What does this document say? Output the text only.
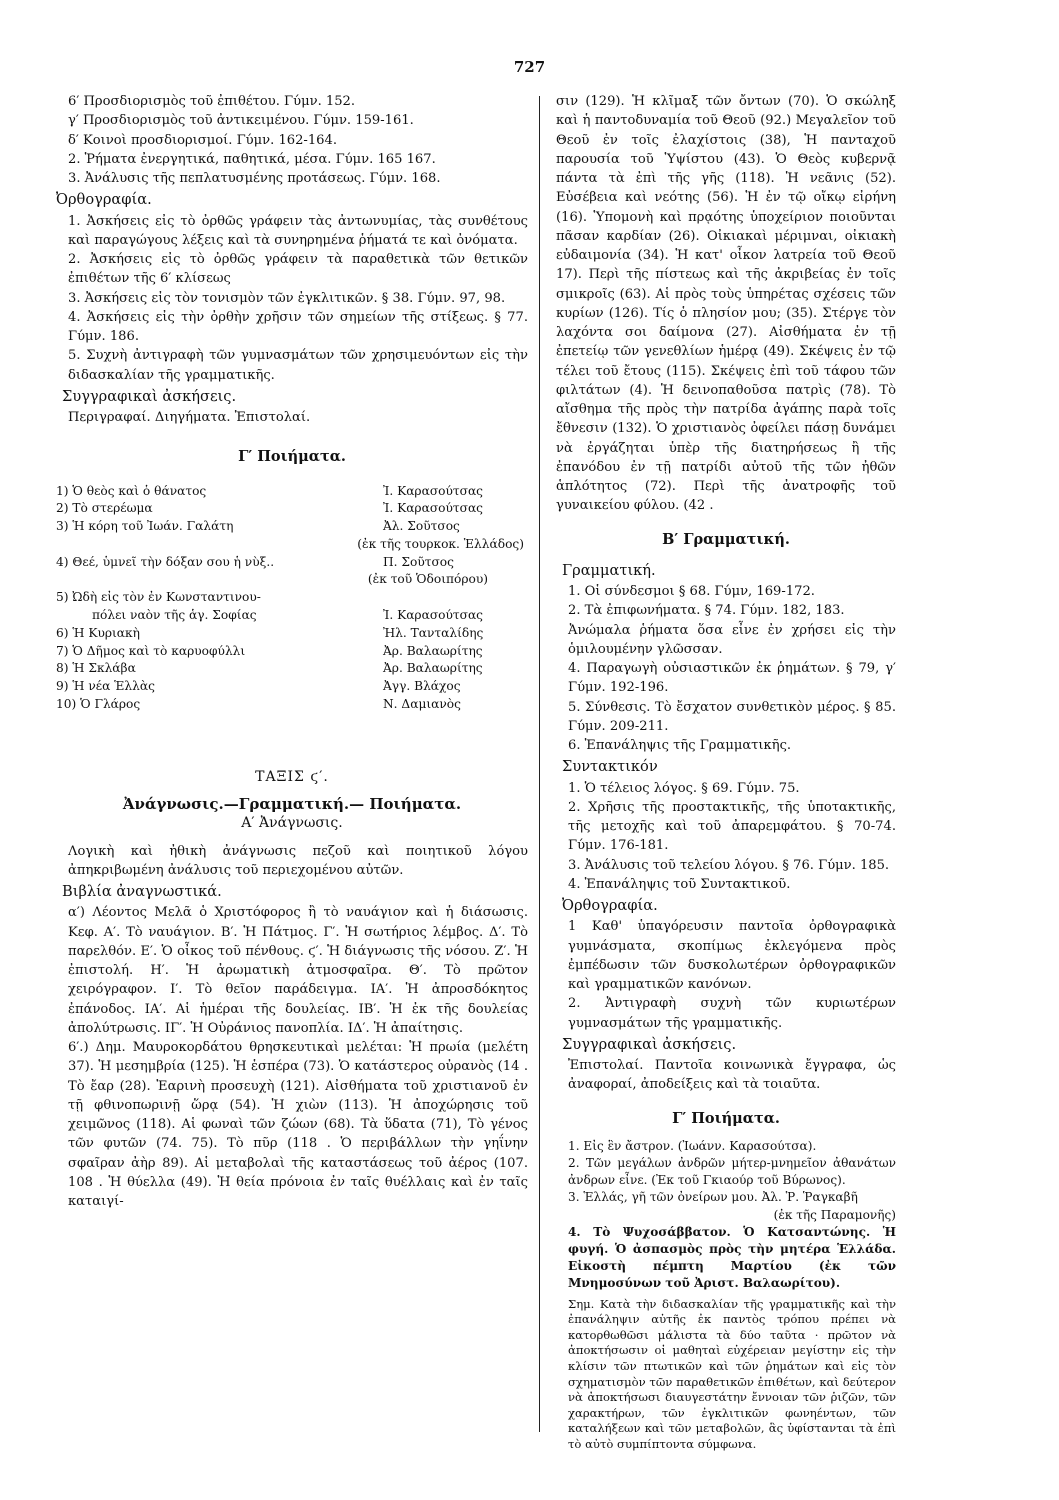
727
6′ Προσδιορισμὸς τοῦ ἐπιθέτου. Γύμν. 152.
γ′ Προσδιορισμὸς τοῦ ἀντικειμένου. Γύμν. 159-161.
δ′ Κοινοὶ προσδιορισμοί. Γύμν. 162-164.
2. Ῥήματα ἐνεργητικά, παθητικά, μέσα. Γύμν. 165 167.
3. Ἀνάλυσις τῆς πεπλατυσμένης προτάσεως. Γύμν. 168.
Ὀρθογραφία.

1. Ἀσκήσεις εἰς τὸ ὀρθῶς γράφειν τὰς ἀντωνυμίας, τὰς συνθέτους καὶ παραγώγους λέξεις καὶ τὰ συνηρημένα ῥήματά τε καὶ ὀνόματα.

2. Ἀσκήσεις εἰς τὸ ὀρθῶς γράφειν τὰ παραθετικὰ τῶν θετικῶν ἐπιθέτων τῆς 6′ κλίσεως

3. Ἀσκήσεις εἰς τὸν τονισμὸν τῶν ἐγκλιτικῶν. § 38. Γύμν. 97, 98.

4. Ἀσκήσεις εἰς τὴν ὀρθὴν χρῆσιν τῶν σημείων τῆς στίξεως. § 77. Γύμν. 186.

5. Συχνὴ ἀντιγραφὴ τῶν γυμνασμάτων τῶν χρησιμευόντων εἰς τὴν διδασκαλίαν τῆς γραμματικῆς.

Συγγραφικαὶ ἀσκήσεις.
Περιγραφαί. Διηγήματα. Ἐπιστολαί.
Γ′ Ποιήματα.
1) Ὁ θεὸς καὶ ὁ θάνατος	Ἰ. Καρασούτσας
2) Τὸ στερέωμα	Ἰ. Καρασούτσας
3) Ἡ κόρη τοῦ Ἰωάν. Γαλάτη	Ἀλ. Σοῦτσος
(ἐκ τῆς τουρκοκ. Ἑλλάδος)
4) Θεέ, ὑμνεῖ τὴν δόξαν σου ἡ νὺξ..	Π. Σοῦτσος
(ἐκ τοῦ Ὁδοιπόρου)
5) Ὠδὴ εἰς τὸν ἐν Κωνσταντινου-
πόλει ναὸν τῆς ἁγ. Σοφίας	Ἰ. Καρασούτσας
6) Ἡ Κυριακὴ	Ἠλ. Τανταλίδης
7) Ὁ Δῆμος καὶ τὸ καρυοφύλλι	Ἀρ. Βαλαωρίτης
8) Ἡ Σκλάβα	Ἀρ. Βαλαωρίτης
9) Ἡ νέα Ἑλλὰς	Ἀγγ. Βλάχος
10) Ὁ Γλάρος	Ν. Δαμιανὸς
ΤΑΞΙΣ ϛ′.
Ἀνάγνωσις.—Γραμματική.— Ποιήματα.
Α′ Ἀνάγνωσις.

Λογικὴ καὶ ἠθικὴ ἀνάγνωσις πεζοῦ καὶ ποιητικοῦ λόγου ἀπηκριβωμένη ἀνάλυσις τοῦ περιεχομένου αὐτῶν.

Βιβλία ἀναγνωστικά.

α′) Λέοντος Μελᾶ ὁ Χριστόφορος ἢ τὸ ναυάγιον καὶ ἡ διάσωσις. Κεφ. Α′. Τὸ ναυάγιον. Β′. Ἡ Πάτμος. Γ′. Ἡ σωτήριος λέμβος. Δ′. Τὸ παρελθόν. Ε′. Ὁ οἶκος τοῦ πένθους. ϛ′. Ἡ διάγνωσις τῆς νόσου. Ζ′. Ἡ ἐπιστολή. Η′. Ἡ ἀρωματικὴ ἀτμοσφαῖρα. Θ′. Τὸ πρῶτον χειρόγραφον. Ι′. Τὸ θεῖον παράδειγμα. ΙΑ′. Ἡ ἀπροσδόκητος ἐπάνοδος. ΙΑ′. Αἱ ἡμέραι τῆς δουλείας. ΙΒ′. Ἡ ἐκ τῆς δουλείας ἀπολύτρωσις. ΙΓ′. Ἡ Οὐράνιος πανοπλία. ΙΔ′. Ἡ ἀπαίτησις.

6′.) Δημ. Μαυροκορδάτου θρησκευτικαὶ μελέται: Ἡ πρωία (μελέτη 37). Ἡ μεσημβρία (125). Ἡ ἑσπέρα (73). Ὁ κατάστερος οὐρανὸς (14 . Τὸ ἔαρ (28). Ἐαρινὴ προσευχὴ (121). Αἰσθήματα τοῦ χριστιανοῦ ἐν τῇ φθινοπωρινῇ ὥρᾳ (54). Ἡ χιὼν (113). Ἡ ἀποχώρησις τοῦ χειμῶνος (118). Αἱ φωναὶ τῶν ζώων (68). Τὰ ὕδατα (71), Τὸ γένος τῶν φυτῶν (74. 75). Τὸ πῦρ (118 . Ὁ περιβάλλων τὴν γηΐνην σφαῖραν ἀὴρ 89). Αἱ μεταβολαὶ τῆς καταστάσεως τοῦ ἀέρος (107. 108 . Ἡ θύελλα (49). Ἡ θεία πρόνοια ἐν ταῖς θυέλλαις καὶ ἐν ταῖς καταιγί-

σιν (129). Ἡ κλῖμαξ τῶν ὄντων (70). Ὁ σκώληξ καὶ ἡ παντοδυναμία τοῦ Θεοῦ (92.) Μεγαλεῖον τοῦ Θεοῦ ἐν τοῖς ἐλαχίστοις (38), Ἡ πανταχοῦ παρουσία τοῦ Ὑψίστου (43). Ὁ Θεὸς κυβερνᾷ πάντα τὰ ἐπὶ τῆς γῆς (118). Ἡ νεᾶνις (52). Εὐσέβεια καὶ νεότης (56). Ἡ ἐν τῷ οἴκῳ εἰρήνη (16). Ὑπομονὴ καὶ πρᾳότης ὑποχείριον ποιοῦνται πᾶσαν καρδίαν (26). Οἰκιακαὶ μέριμναι, οἰκιακὴ εὐδαιμονία (34). Ἡ κατ' οἶκον λατρεία τοῦ Θεοῦ 17). Περὶ τῆς πίστεως καὶ τῆς ἀκριβείας ἐν τοῖς σμικροῖς (63). Αἱ πρὸς τοὺς ὑπηρέτας σχέσεις τῶν κυρίων (126). Τίς ὁ πλησίον μου; (35). Στέργε τὸν λαχόντα σοι δαίμονα (27). Αἰσθήματα ἐν τῇ ἐπετείῳ τῶν γενεθλίων ἡμέρᾳ (49). Σκέψεις ἐν τῷ τέλει τοῦ ἔτους (115). Σκέψεις ἐπὶ τοῦ τάφου τῶν φιλτάτων (4). Ἡ δεινοπαθοῦσα πατρὶς (78). Τὸ αἴσθημα τῆς πρὸς τὴν πατρίδα ἀγάπης παρὰ τοῖς ἔθνεσιν (132). Ὁ χριστιανὸς ὀφείλει πάσῃ δυνάμει νὰ ἐργάζηται ὑπὲρ τῆς διατηρήσεως ἢ τῆς ἐπανόδου ἐν τῇ πατρίδι αὐτοῦ τῆς τῶν ἠθῶν ἁπλότητος (72). Περὶ τῆς ἀνατροφῆς τοῦ γυναικείου φύλου. (42 .

Β′ Γραμματική.
Γραμματική.

1. Οἱ σύνδεσμοι § 68. Γύμν, 169-172.

2. Τὰ ἐπιφωνήματα. § 74. Γύμν. 182, 183.

Ἀνώμαλα ῥήματα ὅσα εἶνε ἐν χρήσει εἰς τὴν ὁμιλουμένην γλῶσσαν.

4. Παραγωγὴ οὐσιαστικῶν ἐκ ῥημάτων. § 79, γ′ Γύμν. 192-196.

5. Σύνθεσις. Τὸ ἔσχατον συνθετικὸν μέρος. § 85. Γύμν. 209-211.

6. Ἐπανάληψις τῆς Γραμματικῆς.

Συντακτικόν

1. Ὁ τέλειος λόγος. § 69. Γύμν. 75.

2. Χρῆσις τῆς προστακτικῆς, τῆς ὑποτακτικῆς, τῆς μετοχῆς καὶ τοῦ ἀπαρεμφάτου. § 70-74. Γύμν. 176-181.

3. Ἀνάλυσις τοῦ τελείου λόγου. § 76. Γύμν. 185.

4. Ἐπανάληψις τοῦ Συντακτικοῦ.

Ὀρθογραφία.

1 Καθ' ὑπαγόρευσιν παντοῖα ὀρθογραφικὰ γυμνάσματα, σκοπίμως ἐκλεγόμενα πρὸς ἐμπέδωσιν τῶν δυσκολωτέρων ὀρθογραφικῶν καὶ γραμματικῶν κανόνων.

2. Ἀντιγραφὴ συχνὴ τῶν κυριωτέρων γυμνασμάτων τῆς γραμματικῆς.

Συγγραφικαὶ ἀσκήσεις.

Ἐπιστολαί. Παντοῖα κοινωνικὰ ἔγγραφα, ὡς ἀναφοραί, ἀποδείξεις καὶ τὰ τοιαῦτα.

Γ′ Ποιήματα.

1. Εἰς ἓν ἄστρον. (Ἰωάνν. Καρασούτσα).

2. Τῶν μεγάλων ἀνδρῶν μήτερ-μνημεῖον ἀθανάτων ἀνδρων εἶνε. (Ἐκ τοῦ Γκιαούρ τοῦ Βύρωνος).

3. Ἑλλάς, γῆ τῶν ὀνείρων μου. Ἀλ. Ῥ. Ῥαγκαβῆ

(ἐκ τῆς Παραμονῆς)

4. Τὸ Ψυχοσάββατον. Ὁ Κατσαντώνης. Ἡ φυγή. Ὁ ἀσπασμὸς πρὸς τὴν μητέρα Ἑλλάδα. Εἰκοστὴ πέμπτη Μαρτίου (ἐκ τῶν Μνημοσύνων τοῦ Ἀριστ. Βαλαωρίτου).

Σημ. Κατὰ τὴν διδασκαλίαν τῆς γραμματικῆς καὶ τὴν ἐπανάληψιν αὐτῆς ἐκ παντὸς τρόπου πρέπει νὰ κατορθωθῶσι μάλιστα τὰ δύο ταῦτα · πρῶτον νὰ ἀποκτήσωσιν οἱ μαθηταὶ εὐχέρειαν μεγίστην εἰς τὴν κλίσιν τῶν πτωτικῶν καὶ τῶν ῥημάτων καὶ εἰς τὸν σχηματισμὸν τῶν παραθετικῶν ἐπιθέτων, καὶ δεύτερον νὰ ἀποκτήσωσι διαυγεστάτην ἔννοιαν τῶν ῥιζῶν, τῶν χαρακτήρων, τῶν ἐγκλιτικῶν φωνηέντων, τῶν καταλήξεων καὶ τῶν μεταβολῶν, ἃς ὑφίστανται τὰ ἐπὶ τὸ αὐτὸ συμπίπτοντα σύμφωνα.
